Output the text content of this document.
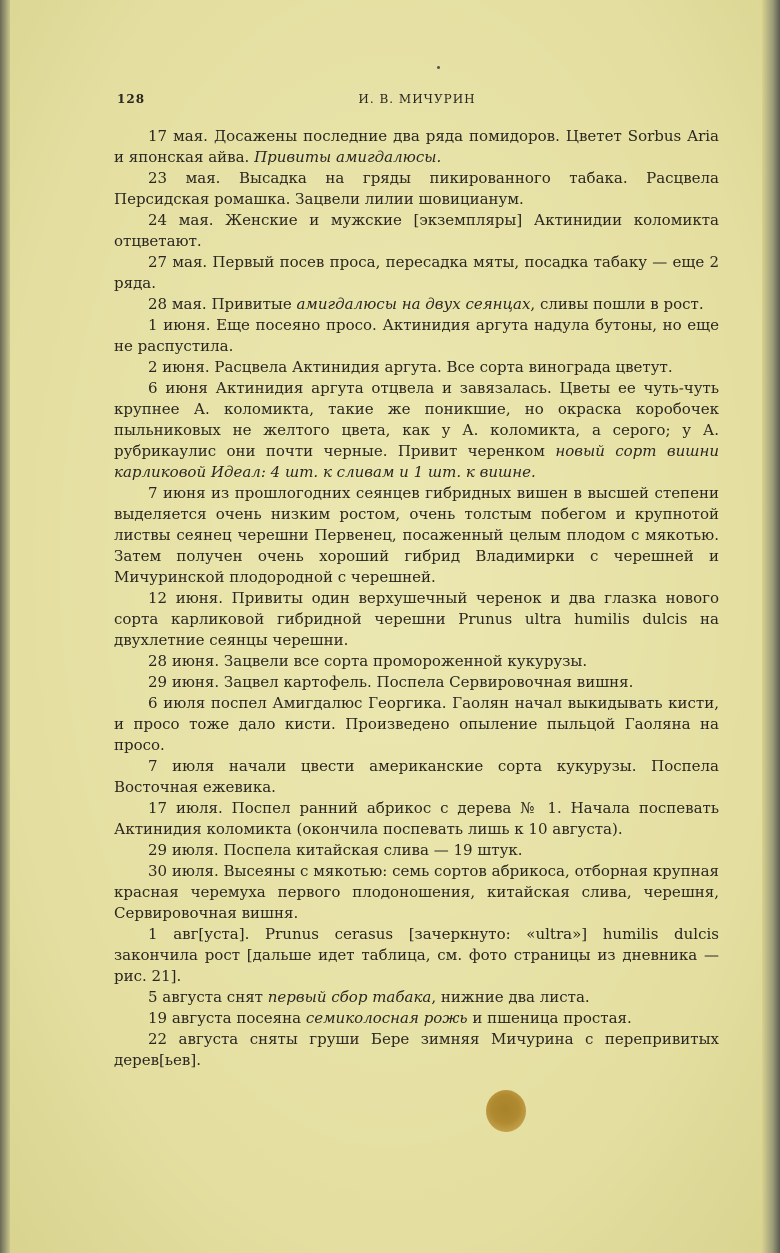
128	И. В. МИЧУРИН

17 мая. Досажены последние два ряда помидоров. Цветет Sorbus Aria и японская айва. Привиты амигдалюсы.

23 мая. Высадка на гряды пикированного табака. Расцвела Персидская ромашка. Зацвели лилии шовицианум.

24 мая. Женские и мужские [экземпляры] Актинидии коломикта отцветают.

27 мая. Первый посев проса, пересадка мяты, посадка табаку — еще 2 ряда.

28 мая. Привитые амигдалюсы на двух сеянцах, сливы пошли в рост.

1 июня. Еще посеяно просо. Актинидия аргута надула бутоны, но еще не распустила.

2 июня. Расцвела Актинидия аргута. Все сорта винограда цветут.

6 июня Актинидия аргута отцвела и завязалась. Цветы ее чуть-чуть крупнее А. коломикта, такие же поникшие, но окраска коробочек пыльниковых не желтого цвета, как у А. коломикта, а серого; у А. рубрикаулис они почти черные. Привит черенком новый сорт вишни карликовой Идеал: 4 шт. к сливам и 1 шт. к вишне.

7 июня из прошлогодних сеянцев гибридных вишен в высшей степени выделяется очень низким ростом, очень толстым побегом и крупнотой листвы сеянец черешни Первенец, посаженный целым плодом с мякотью. Затем получен очень хороший гибрид Владимирки с черешней и Мичуринской плодородной с черешней.

12 июня. Привиты один верхушечный черенок и два глазка нового сорта карликовой гибридной черешни Prunus ultra humilis dulcis на двухлетние сеянцы черешни.

28 июня. Зацвели все сорта промороженной кукурузы.

29 июня. Зацвел картофель. Поспела Сервировочная вишня.

6 июля поспел Амигдалюс Георгика. Гаолян начал выкидывать кисти, и просо тоже дало кисти. Произведено опыление пыльцой Гаоляна на просо.

7 июля начали цвести американские сорта кукурузы. Поспела Восточная ежевика.

17 июля. Поспел ранний абрикос с дерева № 1. Начала поспевать Актинидия коломикта (окончила поспевать лишь к 10 августа).

29 июля. Поспела китайская слива — 19 штук.

30 июля. Высеяны с мякотью: семь сортов абрикоса, отборная крупная красная черемуха первого плодоношения, китайская слива, черешня, Сервировочная вишня.

1 авг[уста]. Prunus cerasus [зачеркнуто: «ultra»] humilis dulcis закончила рост [дальше идет таблица, см. фото страницы из дневника — рис. 21].

5 августа снят первый сбор табака, нижние два листа.

19 августа посеяна семиколосная рожь и пшеница простая.

22 августа сняты груши Бере зимняя Мичурина с перепривитых дерев[ьев].
